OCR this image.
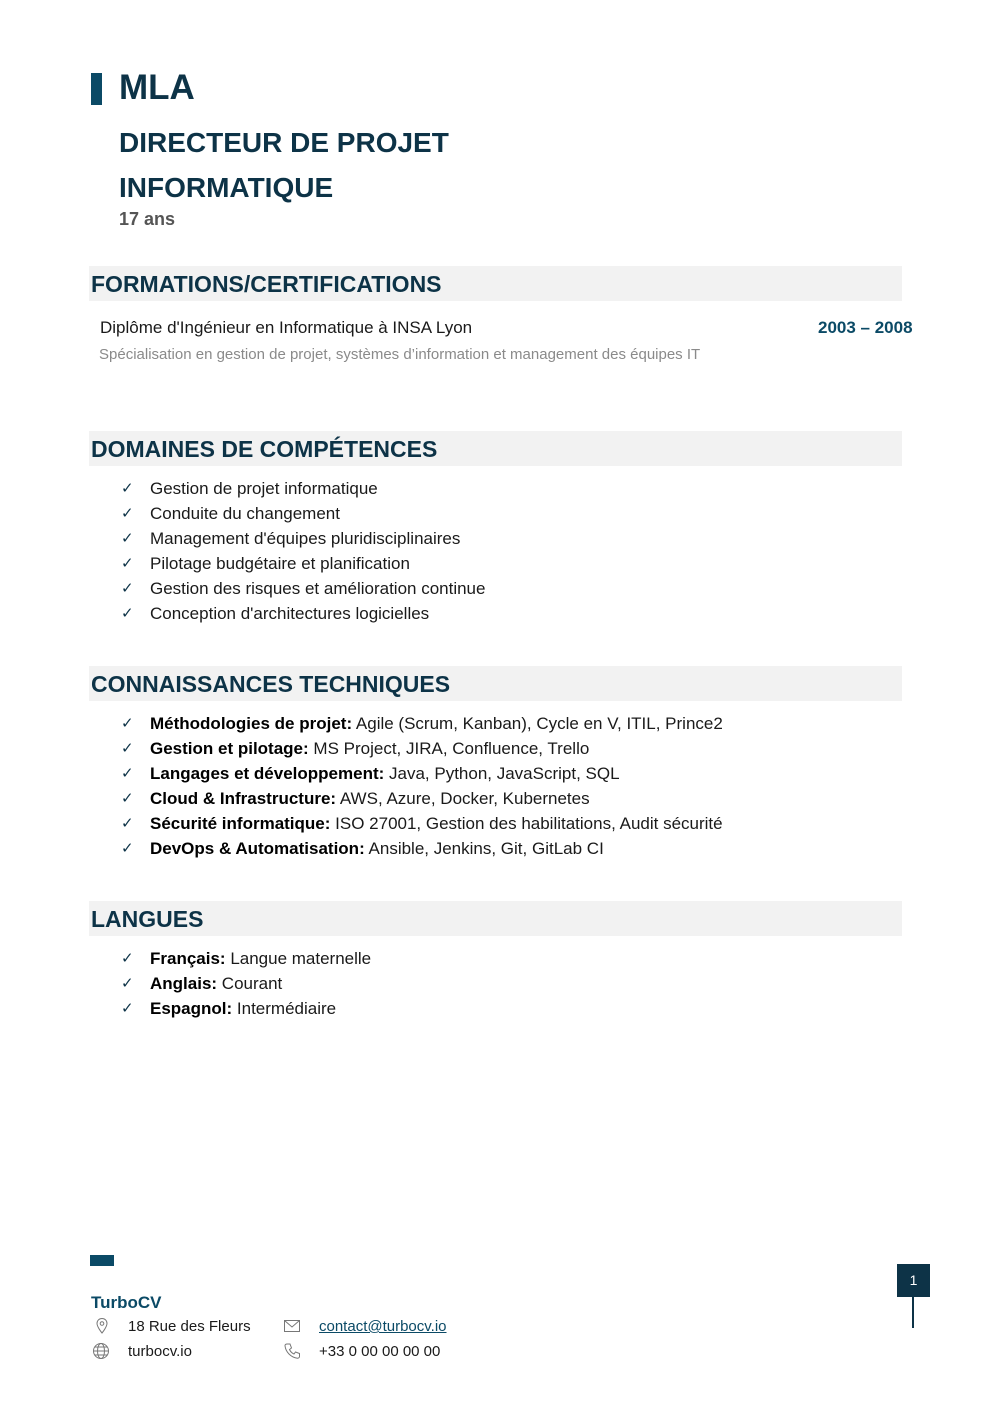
MLA
DIRECTEUR DE PROJET INFORMATIQUE
17 ans
FORMATIONS/CERTIFICATIONS
Diplôme d'Ingénieur en Informatique à INSA Lyon	2003 – 2008
Spécialisation en gestion de projet, systèmes d’information et management des équipes IT
DOMAINES DE COMPÉTENCES
✓ Gestion de projet informatique
✓ Conduite du changement
✓ Management d'équipes pluridisciplinaires
✓ Pilotage budgétaire et planification
✓ Gestion des risques et amélioration continue
✓ Conception d'architectures logicielles
CONNAISSANCES TECHNIQUES
✓ Méthodologies de projet: Agile (Scrum, Kanban), Cycle en V, ITIL, Prince2
✓ Gestion et pilotage: MS Project, JIRA, Confluence, Trello
✓ Langages et développement: Java, Python, JavaScript, SQL
✓ Cloud & Infrastructure: AWS, Azure, Docker, Kubernetes
✓ Sécurité informatique: ISO 27001, Gestion des habilitations, Audit sécurité
✓ DevOps & Automatisation: Ansible, Jenkins, Git, GitLab CI
LANGUES
✓ Français: Langue maternelle
✓ Anglais: Courant
✓ Espagnol: Intermédiaire
TurboCV
18 Rue des Fleurs
turbocv.io
contact@turbocv.io
+33 0 00 00 00 00
1
